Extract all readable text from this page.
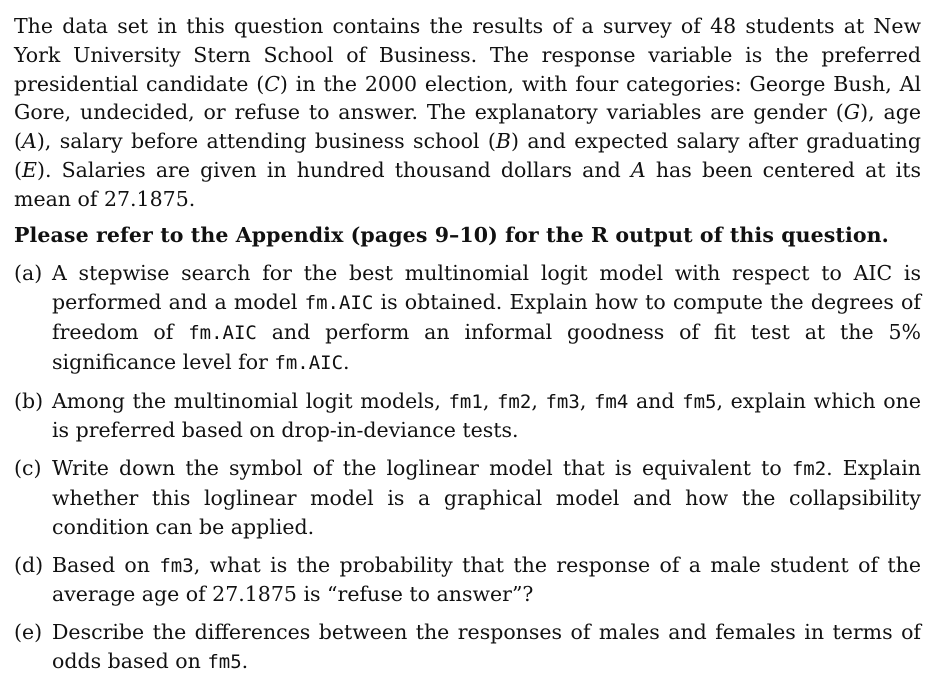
The data set in this question contains the results of a survey of 48 students at New York University Stern School of Business. The response variable is the preferred presidential candidate (C) in the 2000 election, with four categories: George Bush, Al Gore, undecided, or refuse to answer. The explanatory variables are gender (G), age (A), salary before attending business school (B) and expected salary after graduating (E). Salaries are given in hundred thousand dollars and A has been centered at its mean of 27.1875.

Please refer to the Appendix (pages 9–10) for the R output of this question.
(a) A stepwise search for the best multinomial logit model with respect to AIC is performed and a model fm.AIC is obtained. Explain how to compute the degrees of freedom of fm.AIC and perform an informal goodness of fit test at the 5% significance level for fm.AIC.
(b) Among the multinomial logit models, fm1, fm2, fm3, fm4 and fm5, explain which one is preferred based on drop-in-deviance tests.
(c) Write down the symbol of the loglinear model that is equivalent to fm2. Explain whether this loglinear model is a graphical model and how the collapsibility condition can be applied.
(d) Based on fm3, what is the probability that the response of a male student of the average age of 27.1875 is “refuse to answer”?
(e) Describe the differences between the responses of males and females in terms of odds based on fm5.
